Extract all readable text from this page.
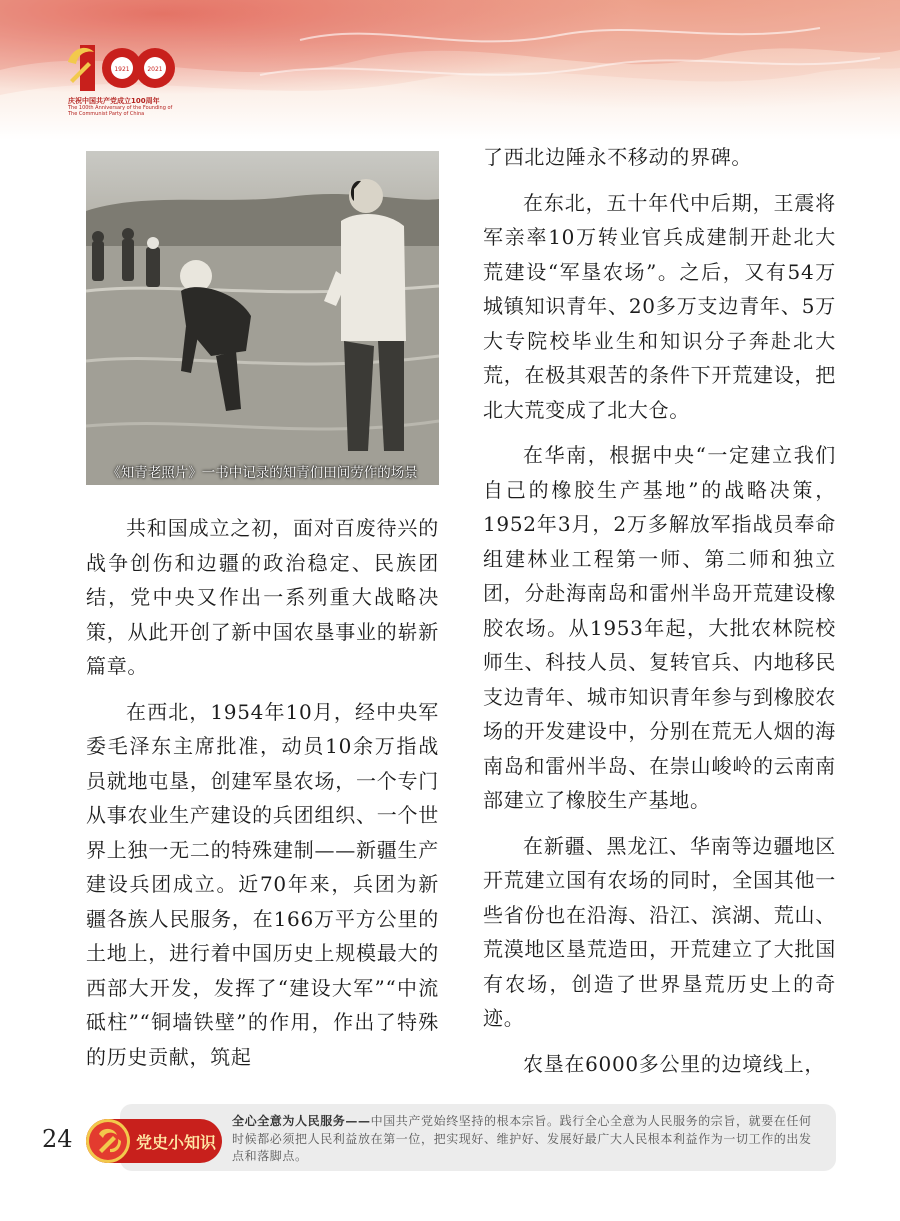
1921	2021
庆祝中国共产党成立100周年
The 100th Anniversary of the Founding of The Communist Party of China
《知青老照片》一书中记录的知青们田间劳作的场景

共和国成立之初，面对百废待兴的战争创伤和边疆的政治稳定、民族团结，党中央又作出一系列重大战略决策，从此开创了新中国农垦事业的崭新篇章。

在西北，1954年10月，经中央军委毛泽东主席批准，动员10余万指战员就地屯垦，创建军垦农场，一个专门从事农业生产建设的兵团组织、一个世界上独一无二的特殊建制——新疆生产建设兵团成立。近70年来，兵团为新疆各族人民服务，在166万平方公里的土地上，进行着中国历史上规模最大的西部大开发，发挥了“建设大军”“中流砥柱”“铜墙铁壁”的作用，作出了特殊的历史贡献，筑起

了西北边陲永不移动的界碑。

在东北，五十年代中后期，王震将军亲率10万转业官兵成建制开赴北大荒建设“军垦农场”。之后，又有54万城镇知识青年、20多万支边青年、5万大专院校毕业生和知识分子奔赴北大荒，在极其艰苦的条件下开荒建设，把北大荒变成了北大仓。

在华南，根据中央“一定建立我们自己的橡胶生产基地”的战略决策，1952年3月，2万多解放军指战员奉命组建林业工程第一师、第二师和独立团，分赴海南岛和雷州半岛开荒建设橡胶农场。从1953年起，大批农林院校师生、科技人员、复转官兵、内地移民支边青年、城市知识青年参与到橡胶农场的开发建设中，分别在荒无人烟的海南岛和雷州半岛、在崇山峻岭的云南南部建立了橡胶生产基地。

在新疆、黑龙江、华南等边疆地区开荒建立国有农场的同时，全国其他一些省份也在沿海、沿江、滨湖、荒山、荒漠地区垦荒造田，开荒建立了大批国有农场，创造了世界垦荒历史上的奇迹。

农垦在6000多公里的边境线上，

24	党史小知识
全心全意为人民服务——中国共产党始终坚持的根本宗旨。践行全心全意为人民服务的宗旨，就要在任何时候都必须把人民利益放在第一位，把实现好、维护好、发展好最广大人民根本利益作为一切工作的出发点和落脚点。
